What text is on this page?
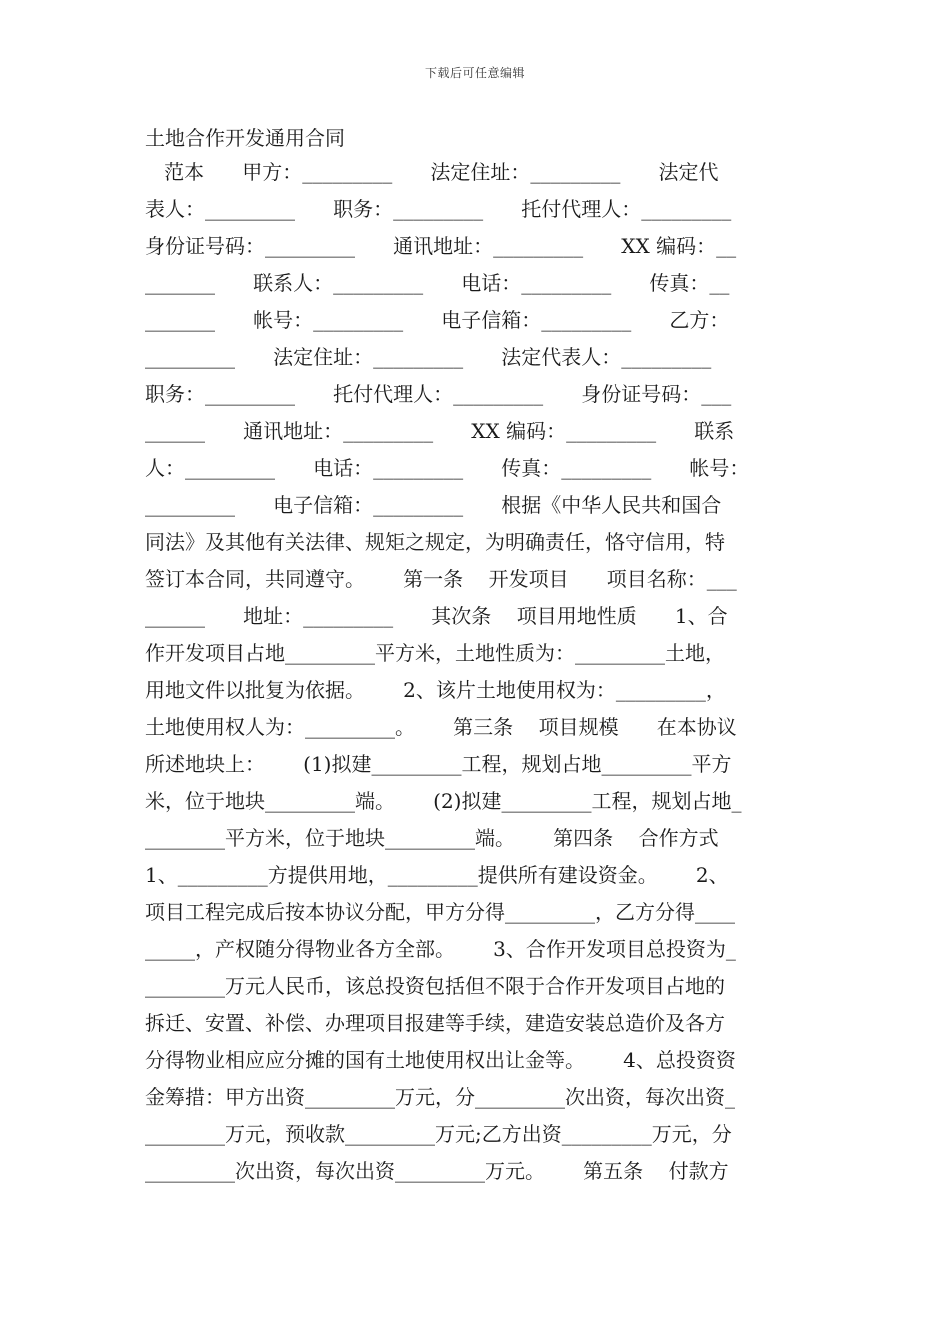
下载后可任意编辑
土地合作开发通用合同
范本      甲方：_________      法定住址：_________      法定代
表人：_________      职务：_________      托付代理人：_________
身份证号码：_________      通讯地址：_________      XX 编码：__
_______      联系人：_________      电话：_________      传真：__
_______      帐号：_________      电子信箱：_________      乙方：
_________      法定住址：_________      法定代表人：_________
职务：_________      托付代理人：_________      身份证号码：___
______      通讯地址：_________      XX 编码：_________      联系
人：_________      电话：_________      传真：_________      帐号：
_________      电子信箱：_________      根据《中华人民共和国合
同法》及其他有关法律、规矩之规定，为明确责任，恪守信用，特
签订本合同，共同遵守。      第一条    开发项目      项目名称：___
______      地址：_________      其次条    项目用地性质      1、合
作开发项目占地_________平方米，土地性质为：_________土地，
用地文件以批复为依据。      2、该片土地使用权为：_________，
土地使用权人为：_________。      第三条    项目规模      在本协议
所述地块上：      (1)拟建_________工程，规划占地_________平方
米，位于地块_________端。      (2)拟建_________工程，规划占地_
________平方米，位于地块_________端。      第四条    合作方式
1、_________方提供用地，_________提供所有建设资金。      2、
项目工程完成后按本协议分配，甲方分得_________，乙方分得____
_____，产权随分得物业各方全部。      3、合作开发项目总投资为_
________万元人民币，该总投资包括但不限于合作开发项目占地的
拆迁、安置、补偿、办理项目报建等手续，建造安装总造价及各方
分得物业相应应分摊的国有土地使用权出让金等。      4、总投资资
金筹措：甲方出资_________万元，分_________次出资，每次出资_
________万元，预收款_________万元;乙方出资_________万元，分
_________次出资，每次出资_________万元。      第五条    付款方
